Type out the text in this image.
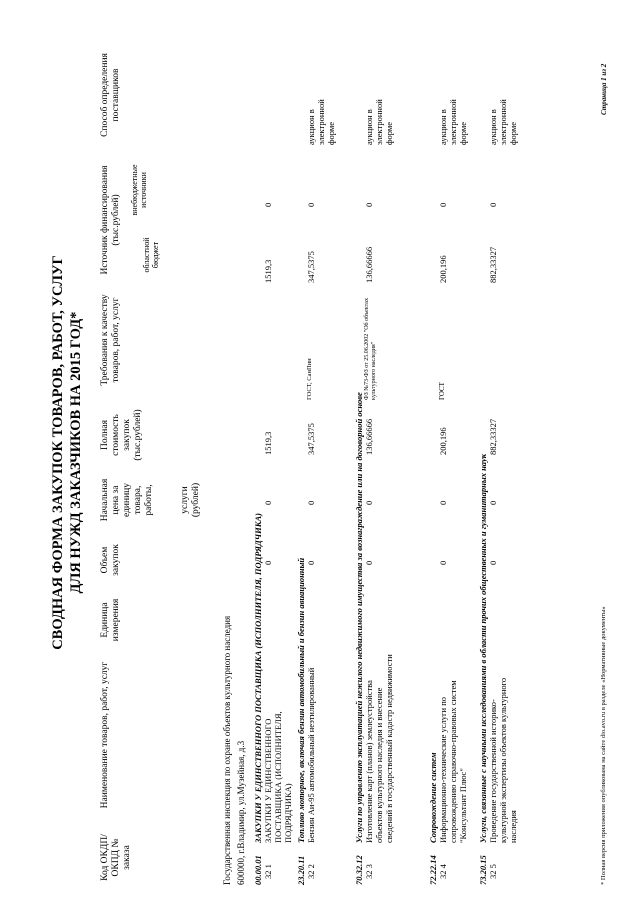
СВОДНАЯ ФОРМА ЗАКУПОК ТОВАРОВ, РАБОТ, УСЛУГ ДЛЯ НУЖД ЗАКАЗЧИКОВ НА 2015 ГОД*
Код ОКДП/ ОКПД № заказа
Наименование товаров, работ, услуг
Единица измерения
Объем закупок
Начальная цена за единицу товара, работы,	услуги (рублей)
Полная стоимость закупок (тыс.рублей)
Требования к качеству товаров, работ, услуг
Источник финансирования (тыс.рублей)
областной бюджет
внебюджетные источники
Способ определения поставщиков
Государственная инспекция по охране объектов культурного наследия 600000, г.Владимир, ул.Музейная, д.3 00.00.01
ЗАКУПКИ У ЕДИНСТВЕННОГО ПОСТАВЩИКА (ИСПОЛНИТЕЛЯ, ПОДРЯДЧИКА)
32 1
ЗАКУПКИ У ЕДИНСТВЕННОГО ПОСТАВЩИКА (ИСПОЛНИТЕЛЯ, ПОДРЯДЧИКА)
0
0
1519,3
1519,3
0
23.20.11
Топливо моторное, включая бензин автомобильный и бензин авиационный
32 2
Бензин Аи-95 автомобильный неэтилированный
0
0
347,5375
ГОСТ, СанПин
347,5375
0
аукцион в электронной форме
70.32.12
Услуги по управлению эксплуатацией нежилого недвижимого имущества за вознаграждение или на договорной основе
32 3
Изготовление карт (планов) землеустройства объектов культурного наследия и внесение сведений в государственный кадастр недвижимости
0
0
136,66666
ФЗ №73-ФЗ от 25.06.2002 "Об объектах культурного наследия"
136,66666
0
аукцион в электронной форме
72.22.14
Сопровождение систем
32 4
Информационно-технические услуги по сопровождению справочно-правовых систем "Консультант Плюс"
0
0
200,196
ГОСТ
200,196
0
аукцион в электронной форме
73.20.15
Услуги, связанные с научными исследованиями в области прочих общественных и гуманитарных наук
32 5
Проведение государственной историко-культурной экспертизы объектов культурного наследия
0
0
882,33327
882,33327
0
аукцион в электронной форме
* Полная версия приложения опубликована на сайте dio.avo.ru в разделе «Нормативные документы»
Страница 1 из 2
